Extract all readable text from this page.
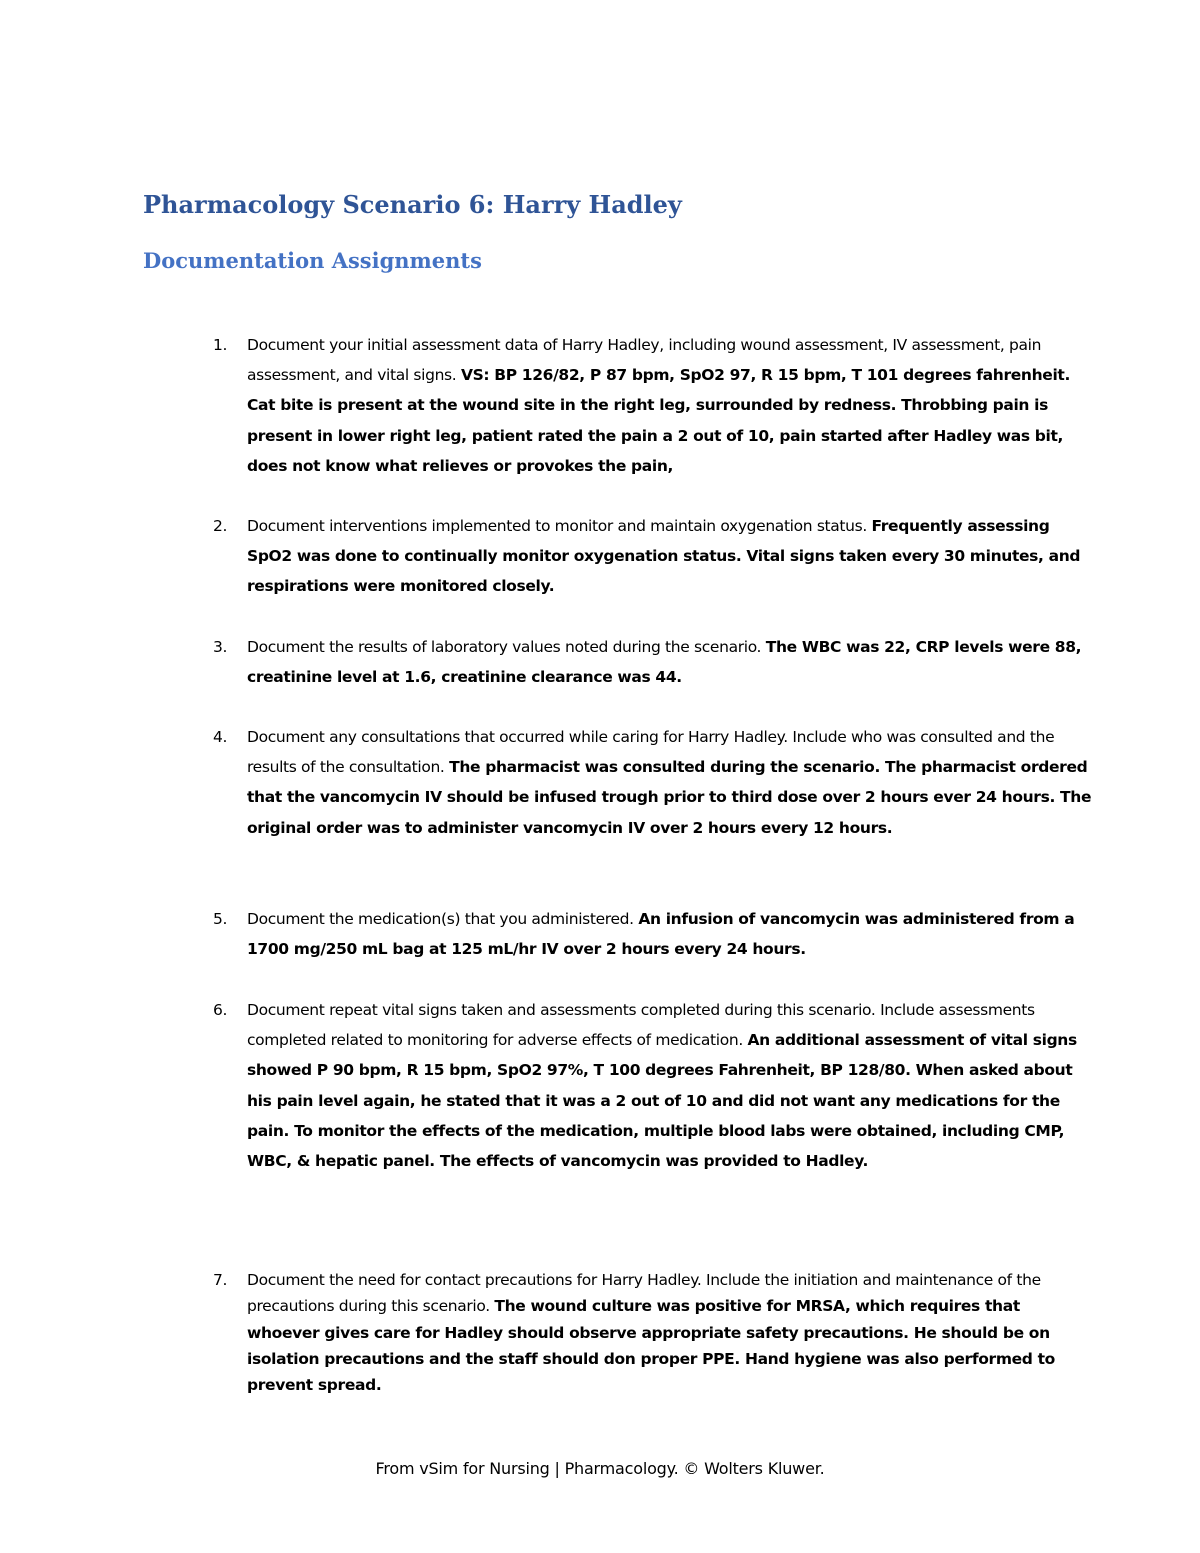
Pharmacology Scenario 6: Harry Hadley
Documentation Assignments
1. Document your initial assessment data of Harry Hadley, including wound assessment, IV assessment, pain assessment, and vital signs. VS: BP 126/82, P 87 bpm, SpO2 97, R 15 bpm, T 101 degrees fahrenheit. Cat bite is present at the wound site in the right leg, surrounded by redness. Throbbing pain is present in lower right leg, patient rated the pain a 2 out of 10, pain started after Hadley was bit, does not know what relieves or provokes the pain,
2. Document interventions implemented to monitor and maintain oxygenation status. Frequently assessing SpO2 was done to continually monitor oxygenation status. Vital signs taken every 30 minutes, and respirations were monitored closely.
3. Document the results of laboratory values noted during the scenario. The WBC was 22, CRP levels were 88, creatinine level at 1.6, creatinine clearance was 44.
4. Document any consultations that occurred while caring for Harry Hadley. Include who was consulted and the results of the consultation. The pharmacist was consulted during the scenario. The pharmacist ordered that the vancomycin IV should be infused trough prior to third dose over 2 hours ever 24 hours. The original order was to administer vancomycin IV over 2 hours every 12 hours.
5. Document the medication(s) that you administered. An infusion of vancomycin was administered from a 1700 mg/250 mL bag at 125 mL/hr IV over 2 hours every 24 hours.
6. Document repeat vital signs taken and assessments completed during this scenario. Include assessments completed related to monitoring for adverse effects of medication. An additional assessment of vital signs showed P 90 bpm, R 15 bpm, SpO2 97%, T 100 degrees Fahrenheit, BP 128/80. When asked about his pain level again, he stated that it was a 2 out of 10 and did not want any medications for the pain. To monitor the effects of the medication, multiple blood labs were obtained, including CMP, WBC, & hepatic panel. The effects of vancomycin was provided to Hadley.
7. Document the need for contact precautions for Harry Hadley. Include the initiation and maintenance of the precautions during this scenario. The wound culture was positive for MRSA, which requires that whoever gives care for Hadley should observe appropriate safety precautions. He should be on isolation precautions and the staff should don proper PPE. Hand hygiene was also performed to prevent spread.
From vSim for Nursing | Pharmacology. © Wolters Kluwer.
